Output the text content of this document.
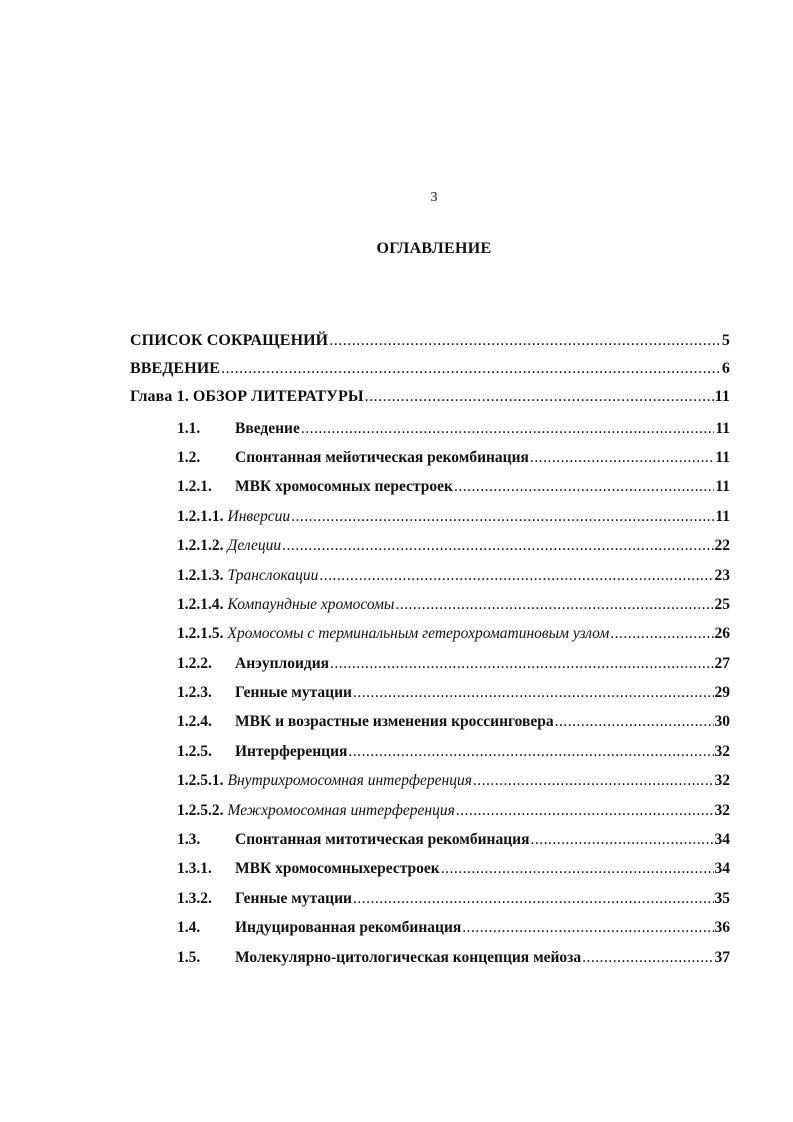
3
ОГЛАВЛЕНИЕ
СПИСОК СОКРАЩЕНИЙ .....	5
ВВЕДЕНИЕ .....	6
Глава 1. ОБЗОР ЛИТЕРАТУРЫ .....	11
1.1.	Введение .....	11
1.2.	Спонтанная мейотическая рекомбинация .....	11
1.2.1.	МВК хромосомных перестроек .....	11
1.2.1.1. Инверсии .....	11
1.2.1.2. Делеции .....	22
1.2.1.3. Транслокации .....	23
1.2.1.4. Компаундные хромосомы .....	25
1.2.1.5. Хромосомы с терминальным гетерохроматиновым узлом .....	26
1.2.2.	Анэуплоидия .....	27
1.2.3.	Генные мутации .....	29
1.2.4.	МВК и возрастные изменения кроссинговера .....	30
1.2.5.	Интерференция .....	32
1.2.5.1. Внутрихромосомная интерференция .....	32
1.2.5.2. Межхромосомная интерференция .....	32
1.3.	Спонтанная митотическая рекомбинация .....	34
1.3.1.	МВК хромосомныхерестроек .....	34
1.3.2.	Генные мутации .....	35
1.4.	Индуцированная рекомбинация .....	36
1.5.	Молекулярно-цитологическая концепция мейоза .....	37
